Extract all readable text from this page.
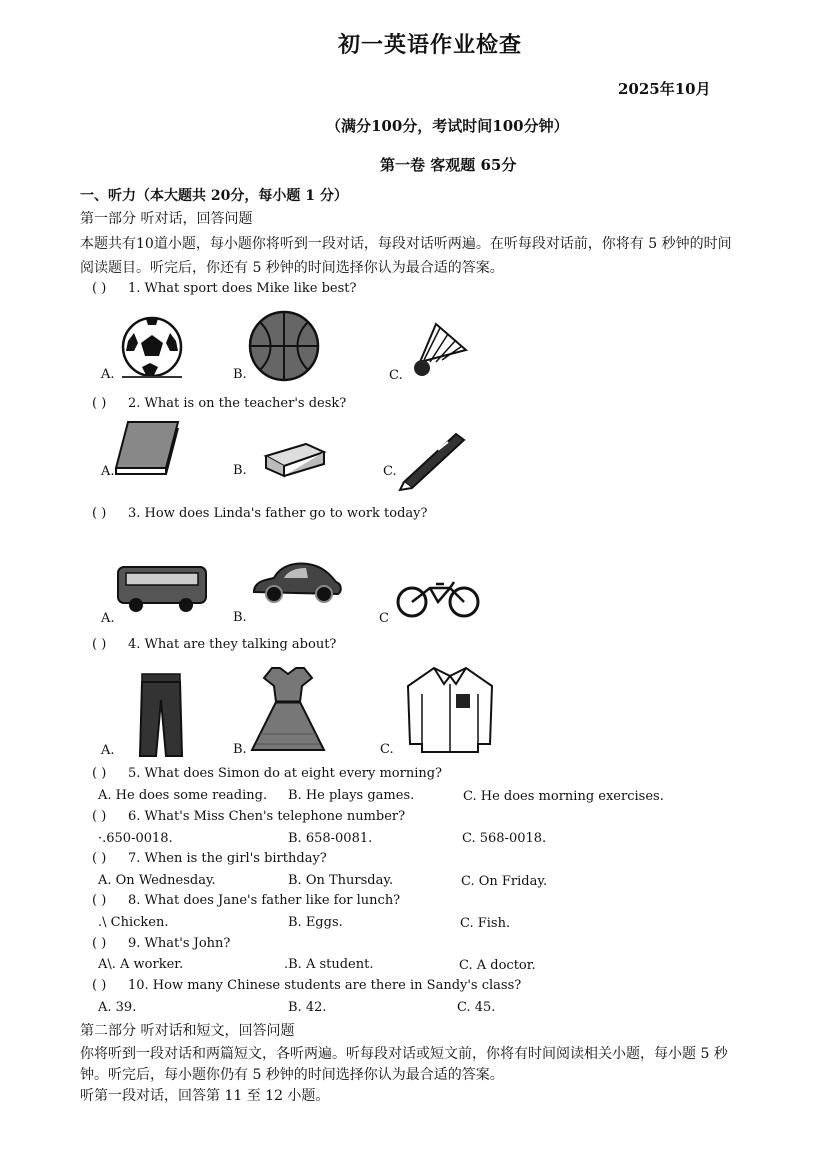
初一英语作业检查
2025年10月
（满分100分，考试时间100分钟）
第一卷 客观题 65分
一、听力（本大题共 20分，每小题 1 分）
第一部分 听对话，回答问题
本题共有10道小题，每小题你将听到一段对话，每段对话听两遍。在听每段对话前，你将有 5 秒钟的时间
阅读题目。听完后，你还有 5 秒钟的时间选择你认为最合适的答案。
( ) 1. What sport does Mike like best?
A.	B.	C.
( ) 2. What is on the teacher's desk?
A.	B.	C.
( ) 3. How does Linda's father go to work today?
A.	B.	C
( ) 4. What are they talking about?
A.	B.	C.
( ) 5. What does Simon do at eight every morning?
A. He does some reading. B. He plays games.	C. He does morning exercises.
( ) 6. What's Miss Chen's telephone number?
·.650-0018.	B. 658-0081.	C. 568-0018.
( ) 7. When is the girl's birthday?
A. On Wednesday.	B. On Thursday.	C. On Friday.
( ) 8. What does Jane's father like for lunch?
.\ Chicken.	B. Eggs.	C. Fish.
( ) 9. What's John?
A\. A worker.	.B. A student.	C. A doctor.
( ) 10. How many Chinese students are there in Sandy's class?
A. 39.	B. 42.	C. 45.
第二部分 听对话和短文，回答问题
你将听到一段对话和两篇短文，各听两遍。听每段对话或短文前，你将有时间阅读相关小题，每小题 5 秒
钟。听完后，每小题你仍有 5 秒钟的时间选择你认为最合适的答案。
听第一段对话，回答第 11 至 12 小题。
